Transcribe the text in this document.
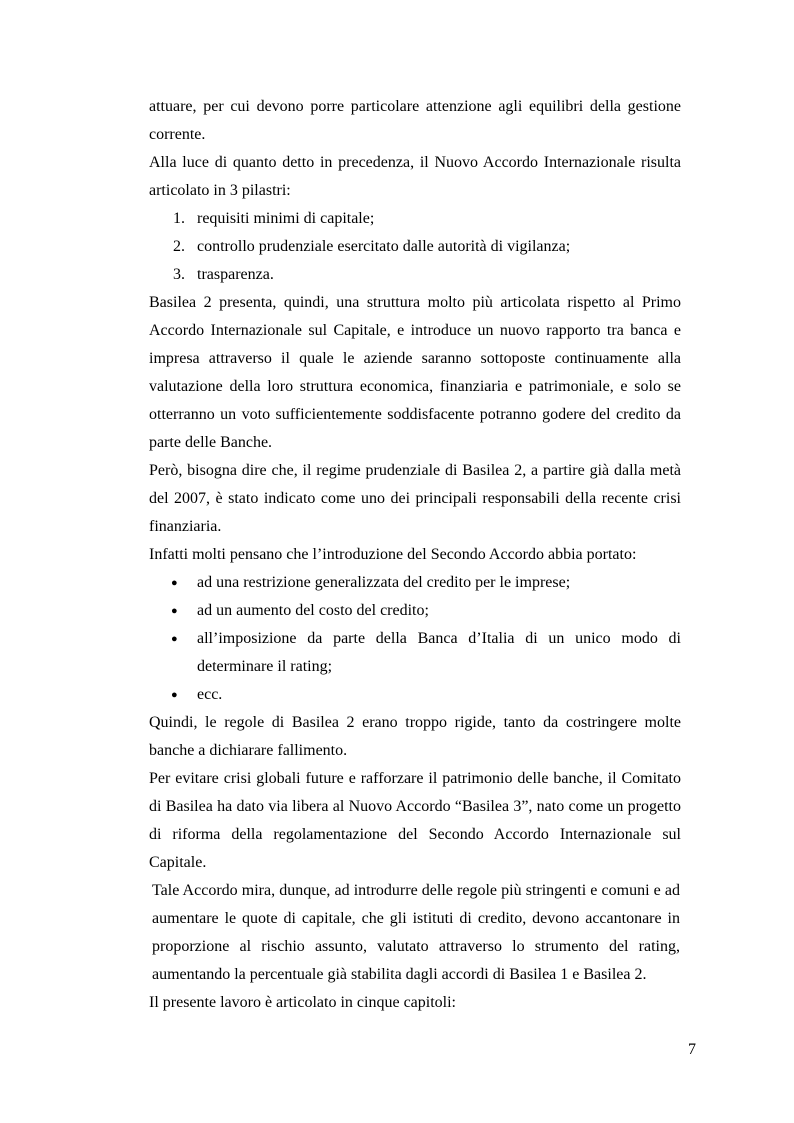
attuare, per cui devono porre particolare attenzione agli equilibri della gestione corrente.

Alla luce di quanto detto in precedenza, il Nuovo Accordo Internazionale risulta articolato in 3 pilastri:

1. requisiti minimi di capitale;
2. controllo prudenziale esercitato dalle autorità di vigilanza;
3. trasparenza.

Basilea 2 presenta, quindi, una struttura molto più articolata rispetto al Primo Accordo Internazionale sul Capitale, e introduce un nuovo rapporto tra banca e impresa attraverso il quale le aziende saranno sottoposte continuamente alla valutazione della loro struttura economica, finanziaria e patrimoniale, e solo se otterranno un voto sufficientemente soddisfacente potranno godere del credito da parte delle Banche.

Però, bisogna dire che, il regime prudenziale di Basilea 2, a partire già dalla metà del 2007, è stato indicato come uno dei principali responsabili della recente crisi finanziaria.

Infatti molti pensano che l’introduzione del Secondo Accordo abbia portato:

● ad una restrizione generalizzata del credito per le imprese;
● ad un aumento del costo del credito;
● all’imposizione da parte della Banca d’Italia di un unico modo di determinare il rating;
● ecc.

Quindi, le regole di Basilea 2 erano troppo rigide, tanto da costringere molte banche a dichiarare fallimento.

Per evitare crisi globali future e rafforzare il patrimonio delle banche, il Comitato di Basilea ha dato via libera al Nuovo Accordo “Basilea 3”, nato come un progetto di riforma della regolamentazione del Secondo Accordo Internazionale sul Capitale.

Tale Accordo mira, dunque, ad introdurre delle regole più stringenti e comuni e ad aumentare le quote di capitale, che gli istituti di credito, devono accantonare in proporzione al rischio assunto, valutato attraverso lo strumento del rating, aumentando la percentuale già stabilita dagli accordi di Basilea 1 e Basilea 2.

Il presente lavoro è articolato in cinque capitoli:

7
